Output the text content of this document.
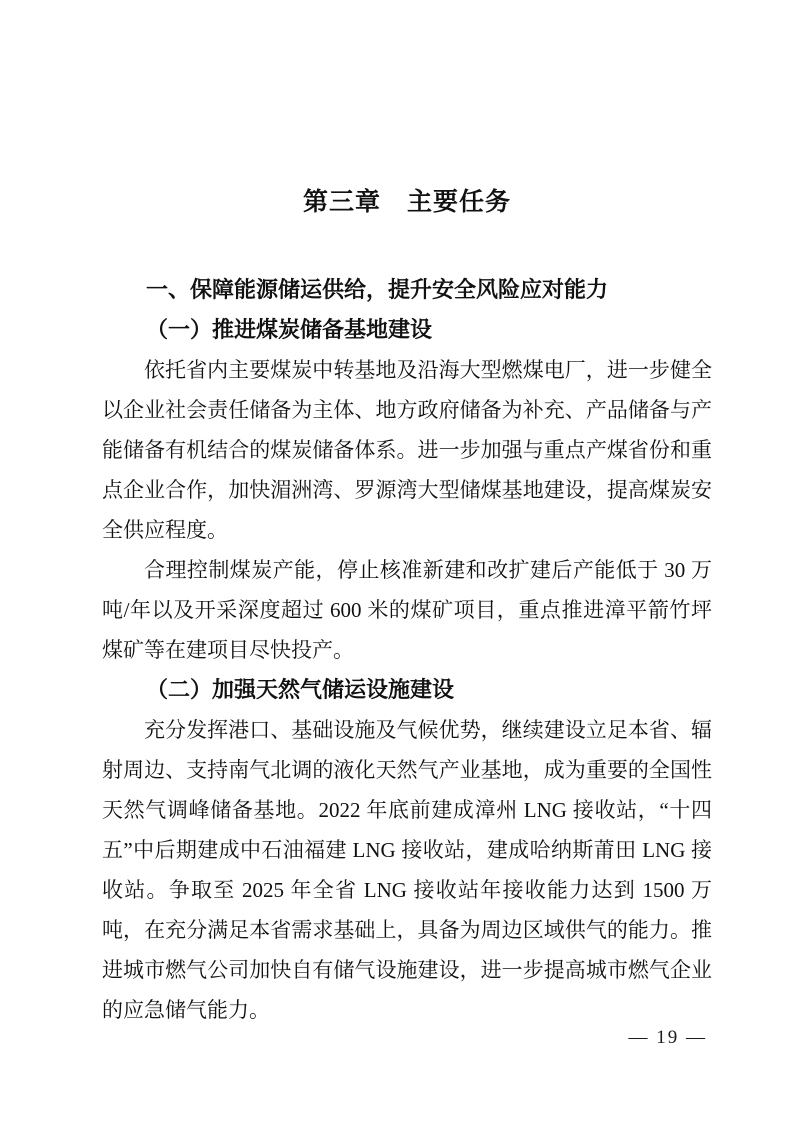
第三章　主要任务
一、保障能源储运供给，提升安全风险应对能力
（一）推进煤炭储备基地建设

依托省内主要煤炭中转基地及沿海大型燃煤电厂，进一步健全以企业社会责任储备为主体、地方政府储备为补充、产品储备与产能储备有机结合的煤炭储备体系。进一步加强与重点产煤省份和重点企业合作，加快湄洲湾、罗源湾大型储煤基地建设，提高煤炭安全供应程度。

合理控制煤炭产能，停止核准新建和改扩建后产能低于 30 万吨/年以及开采深度超过 600 米的煤矿项目，重点推进漳平箭竹坪煤矿等在建项目尽快投产。

（二）加强天然气储运设施建设

充分发挥港口、基础设施及气候优势，继续建设立足本省、辐射周边、支持南气北调的液化天然气产业基地，成为重要的全国性天然气调峰储备基地。2022 年底前建成漳州 LNG 接收站，“十四五”中后期建成中石油福建 LNG 接收站，建成哈纳斯莆田 LNG 接收站。争取至 2025 年全省 LNG 接收站年接收能力达到 1500 万吨，在充分满足本省需求基础上，具备为周边区域供气的能力。推进城市燃气公司加快自有储气设施建设，进一步提高城市燃气企业的应急储气能力。

— 19 —
